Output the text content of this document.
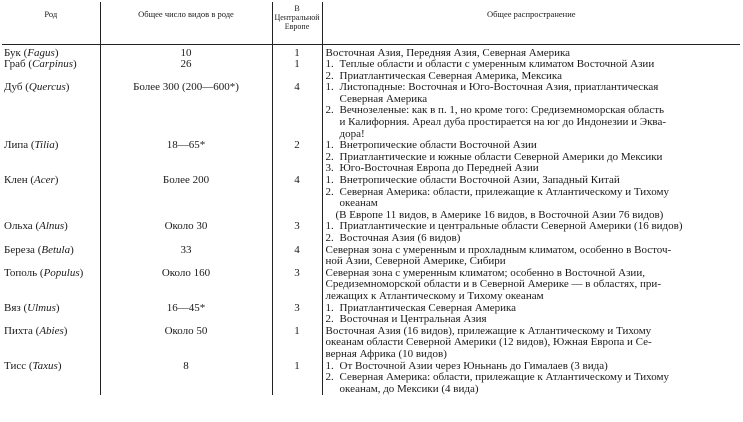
Род	Общее число видов в роде	В Центральной Европе	Общее распространение
Бук (Fagus)	10	1	Восточная Азия, Передняя Азия, Северная Америка

Граб (Carpinus)	26	1	1. Теплые области и области с умеренным климатом Восточной Азии
2. Приатлантическая Северная Америка, Мексика

Дуб (Quercus)	Более 300 (200—600*)	4	1. Листопадные: Восточная и Юго-Восточная Азия, приатлантическая
Северная Америка
2. Вечнозеленые: как в п. 1, но кроме того: Средиземноморская область
и Калифорния. Ареал дуба простирается на юг до Индонезии и Эква-
дора!

Липа (Tilia)	18—65*	2	1. Внетропические области Восточной Азии
2. Приатлантические и южные области Северной Америки до Мексики
3. Юго-Восточная Европа до Передней Азии

Клен (Acer)	Более 200	4	1. Внетропические области Восточной Азии, Западный Китай
2. Северная Америка: области, прилежащие к Атлантическому и Тихому
океанам
(В Европе 11 видов, в Америке 16 видов, в Восточной Азии 76 видов)

Ольха (Alnus)	Около 30	3	1. Приатлантические и центральные области Северной Америки (16 видов)
2. Восточная Азия (6 видов)

Береза (Betula)	33	4	Северная зона с умеренным и прохладным климатом, особенно в Восточ-
ной Азии, Северной Америке, Сибири

Тополь (Populus)	Около 160	3	Северная зона с умеренным климатом; особенно в Восточной Азии,
Средиземноморской области и в Северной Америке — в областях, при-
лежащих к Атлантическому и Тихому океанам

Вяз (Ulmus)	16—45*	3	1. Приатлантическая Северная Америка
2. Восточная и Центральная Азия

Пихта (Abies)	Около 50	1	Восточная Азия (16 видов), прилежащие к Атлантическому и Тихому
океанам области Северной Америки (12 видов), Южная Европа и Се-
верная Африка (10 видов)

Тисс (Taxus)	8	1	1. От Восточной Азии через Юньнань до Гималаев (3 вида)
2. Северная Америка: области, прилежащие к Атлантическому и Тихому
океанам, до Мексики (4 вида)
